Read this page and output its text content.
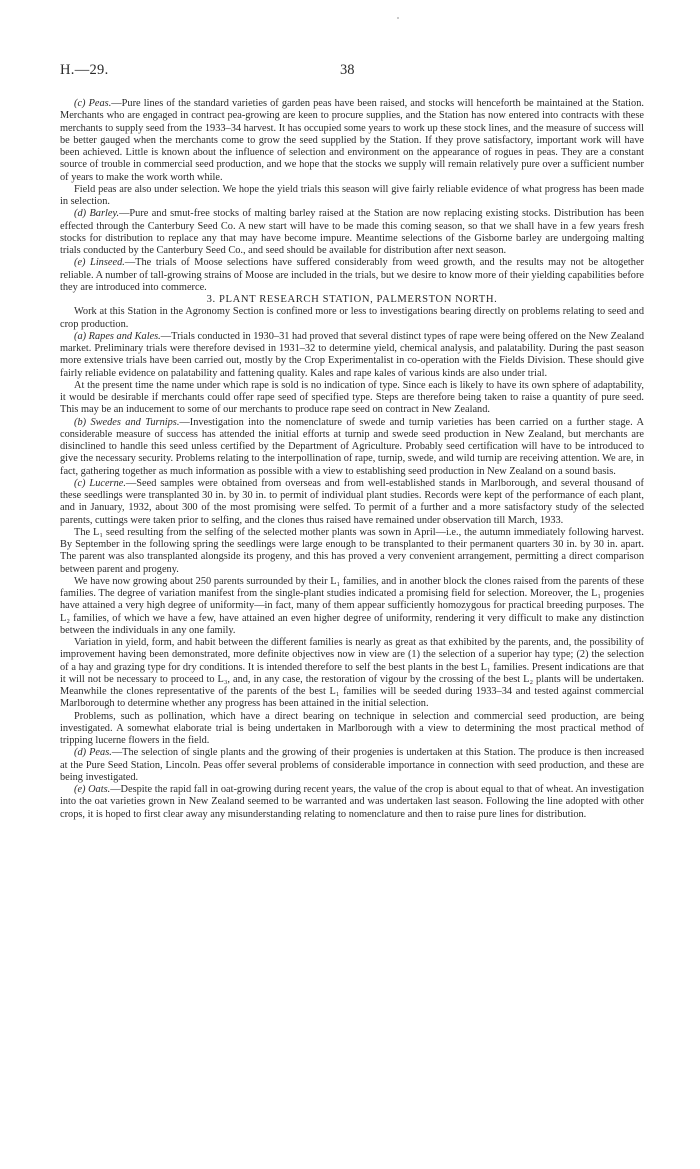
H.—29.	38

(c) Peas.—Pure lines of the standard varieties of garden peas have been raised, and stocks will henceforth be maintained at the Station. Merchants who are engaged in contract pea-growing are keen to procure supplies, and the Station has now entered into contracts with these merchants to supply seed from the 1933–34 harvest. It has occupied some years to work up these stock lines, and the measure of success will be better gauged when the merchants come to grow the seed supplied by the Station. If they prove satisfactory, important work will have been achieved. Little is known about the influence of selection and environment on the appearance of rogues in peas. They are a constant source of trouble in commercial seed production, and we hope that the stocks we supply will remain relatively pure over a sufficient number of years to make the work worth while.

Field peas are also under selection. We hope the yield trials this season will give fairly reliable evidence of what progress has been made in selection.

(d) Barley.—Pure and smut-free stocks of malting barley raised at the Station are now replacing existing stocks. Distribution has been effected through the Canterbury Seed Co. A new start will have to be made this coming season, so that we shall have in a few years fresh stocks for distribution to replace any that may have become impure. Meantime selections of the Gisborne barley are undergoing malting trials conducted by the Canterbury Seed Co., and seed should be available for distribution after next season.

(e) Linseed.—The trials of Moose selections have suffered considerably from weed growth, and the results may not be altogether reliable. A number of tall-growing strains of Moose are included in the trials, but we desire to know more of their yielding capabilities before they are introduced into commerce.

3. PLANT RESEARCH STATION, PALMERSTON NORTH.

Work at this Station in the Agronomy Section is confined more or less to investigations bearing directly on problems relating to seed and crop production.

(a) Rapes and Kales.—Trials conducted in 1930–31 had proved that several distinct types of rape were being offered on the New Zealand market. Preliminary trials were therefore devised in 1931–32 to determine yield, chemical analysis, and palatability. During the past season more extensive trials have been carried out, mostly by the Crop Experimentalist in co-operation with the Fields Division. These should give fairly reliable evidence on palatability and fattening quality. Kales and rape kales of various kinds are also under trial.

At the present time the name under which rape is sold is no indication of type. Since each is likely to have its own sphere of adaptability, it would be desirable if merchants could offer rape seed of specified type. Steps are therefore being taken to raise a quantity of pure seed. This may be an inducement to some of our merchants to produce rape seed on contract in New Zealand.

(b) Swedes and Turnips.—Investigation into the nomenclature of swede and turnip varieties has been carried on a further stage. A considerable measure of success has attended the initial efforts at turnip and swede seed production in New Zealand, but merchants are disinclined to handle this seed unless certified by the Department of Agriculture. Probably seed certification will have to be introduced to give the necessary security. Problems relating to the interpollination of rape, turnip, swede, and wild turnip are receiving attention. We are, in fact, gathering together as much information as possible with a view to establishing seed production in New Zealand on a sound basis.

(c) Lucerne.—Seed samples were obtained from overseas and from well-established stands in Marlborough, and several thousand of these seedlings were transplanted 30 in. by 30 in. to permit of individual plant studies. Records were kept of the performance of each plant, and in January, 1932, about 300 of the most promising were selfed. To permit of a further and a more satisfactory study of the selected parents, cuttings were taken prior to selfing, and the clones thus raised have remained under observation till March, 1933.

The L₁ seed resulting from the selfing of the selected mother plants was sown in April—i.e., the autumn immediately following harvest. By September in the following spring the seedlings were large enough to be transplanted to their permanent quarters 30 in. by 30 in. apart. The parent was also transplanted alongside its progeny, and this has proved a very convenient arrangement, permitting a direct comparison between parent and progeny.

We have now growing about 250 parents surrounded by their L₁ families, and in another block the clones raised from the parents of these families. The degree of variation manifest from the single-plant studies indicated a promising field for selection. Moreover, the L₁ progenies have attained a very high degree of uniformity—in fact, many of them appear sufficiently homozygous for practical breeding purposes. The L₂ families, of which we have a few, have attained an even higher degree of uniformity, rendering it very difficult to make any distinction between the individuals in any one family.

Variation in yield, form, and habit between the different families is nearly as great as that exhibited by the parents, and, the possibility of improvement having been demonstrated, more definite objectives now in view are (1) the selection of a superior hay type; (2) the selection of a hay and grazing type for dry conditions. It is intended therefore to self the best plants in the best L₁ families. Present indications are that it will not be necessary to proceed to L₃, and, in any case, the restoration of vigour by the crossing of the best L₂ plants will be undertaken. Meanwhile the clones representative of the parents of the best L₁ families will be seeded during 1933–34 and tested against commercial Marlborough to determine whether any progress has been attained in the initial selection.

Problems, such as pollination, which have a direct bearing on technique in selection and commercial seed production, are being investigated. A somewhat elaborate trial is being undertaken in Marlborough with a view to determining the most practical method of tripping lucerne flowers in the field.

(d) Peas.—The selection of single plants and the growing of their progenies is undertaken at this Station. The produce is then increased at the Pure Seed Station, Lincoln. Peas offer several problems of considerable importance in connection with seed production, and these are being investigated.

(e) Oats.—Despite the rapid fall in oat-growing during recent years, the value of the crop is about equal to that of wheat. An investigation into the oat varieties grown in New Zealand seemed to be warranted and was undertaken last season. Following the line adopted with other crops, it is hoped to first clear away any misunderstanding relating to nomenclature and then to raise pure lines for distribution.
